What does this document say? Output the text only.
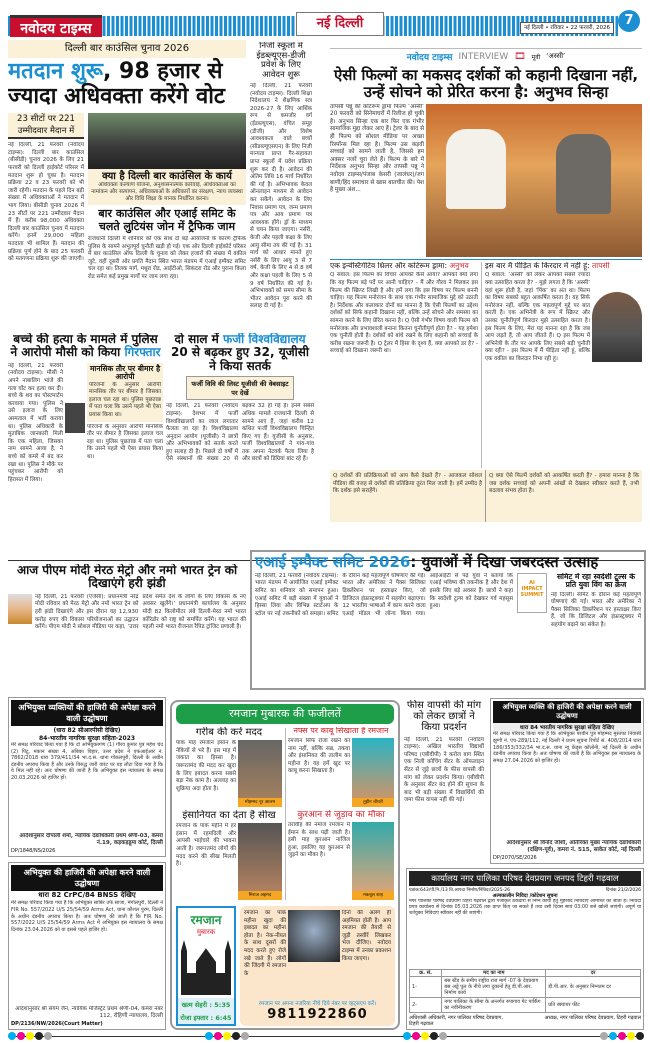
नवोदय टाइम्स	नई दिल्ली	नई दिल्ली • रविवार • 22 फरवरी, 2026	7
दिल्ली बार काउंसिल चुनाव 2026
मतदान शुरू, 98 हजार से ज्यादा अधिवक्ता करेंगे वोट
23 सीटों पर 221 उम्मीदवार मैदान में
नई दिल्ली, 21 फरवरी (नवोदय टाइम्स): दिल्ली बार काउंसिल (बीसीडी) चुनाव 2026 के लिए 21 फरवरी को दिल्ली हाईकोर्ट परिसर में मतदान शुरू हो चुका है। मतदान प्रक्रिया 22 व 23 फरवरी को भी जारी रहेगी। मतदान के पहले दिन बड़ी संख्या में अधिवक्ताओं ने मतदान में भाग लिया। बीसीडी चुनाव 2026 में 23 सीटों पर 221 उम्मीदवार मैदान में हैं। करीब 98,000 अधिवक्ता दिल्ली बार काउंसिल चुनाव में मतदान करेंगे। इनमें 29,000 महिला मतदाता भी शामिल हैं। मतदान की प्रक्रिया पूर्ण होने के बाद 25 फरवरी को मतगणना प्रक्रिया शुरू की जाएगी।
क्या है दिल्ली बार काउंसिल के कार्य
अधिवक्ता कल्याण योजना, अनुशासनात्मक कार्रवाई, अधिवक्ताओं का नामांकन और सत्यापन, अधिवक्ताओं के अधिकारों का संरक्षण, न्याय व्यवस्था और विधि शिक्षा के मानक निर्धारित करना।
बार काउंसिल और एआई समिट के चलते लुटियंस जोन में ट्रैफिक जाम
राजधानी दिल्ली में शनिवार को एक साथ दो बड़े आयोजनों के कारण ट्रैफिक पुलिस के सामने अभूतपूर्व चुनौती खड़ी हो गई। एक ओर दिल्ली हाईकोर्ट परिसर में बार काउंसिल ऑफ दिल्ली के चुनाव को लेकर हजारों की संख्या में वकील जुटे, वहीं दूसरी ओर प्रगति मैदान स्थित भारत मंडपम में एआई इम्पैक्ट समिट चल रहा था। तिलक मार्ग, मथुरा रोड, आईटीओ, सिकंदरा रोड और पुराना किला रोड समेत कई प्रमुख मार्गों पर जाम लगा रहा।
निजी स्कूलों में ईडब्ल्यूएस-डीजी प्रवेश के लिए आवेदन शुरू
नई दिल्ली, 21 फरवरी (नवोदय टाइम्स): दिल्ली शिक्षा निदेशालय ने शैक्षणिक सत्र 2026-27 के लिए आर्थिक रूप से कमजोर वर्ग (ईडब्ल्यूएस), वंचित समूह (डीजी) और विशेष आवश्यकता वाले बच्चों (सीडब्ल्यूएसएन) के लिए निजी मान्यता प्राप्त गैर-सहायता प्राप्त स्कूलों में प्रवेश प्रक्रिया शुरू कर दी है। आवेदन की अंतिम तिथि 16 मार्च निर्धारित की गई है। अभिभावक केवल ऑनलाइन माध्यम से आवेदन कर सकेंगे। आवेदन के लिए निवास प्रमाण पत्र, जन्म प्रमाण पत्र और आय प्रमाण पत्र आवश्यक होंगे। ड्रॉ के माध्यम से चयन किया जाएगा। नर्सरी, केजी और पहली कक्षा के लिए आयु सीमा तय की गई है। 31 मार्च को आधार मानते हुए नर्सरी के लिए आयु 3 से 7 वर्ष, केजी के लिए 4 से 8 वर्ष और कक्षा पहली के लिए 5 से 9 वर्ष निर्धारित की गई है। अभिभावकों को समय सीमा के भीतर आवेदन पूरा करने की सलाह दी गई है।
नवोदय टाइम्स INTERVIEW 🎞 मूवी ‘अस्सी’
ऐसी फिल्मों का मकसद दर्शकों को कहानी दिखाना नहीं, उन्हें सोचने को प्रेरित करना है: अनुभव सिन्हा
तापसी पन्नू की कोर्टरूम ड्रामा फिल्म ‘अस्सी’ 20 फरवरी को सिनेमाघरों में रिलीज हो चुकी है। अनुभव सिन्हा एक बार फिर एक गंभीर सामाजिक मुद्दा लेकर आए हैं। ट्रेलर के बाद से ही फिल्म को सोशल मीडिया पर अच्छा रिस्पॉन्स मिल रहा है। फिल्म उस कड़वी सच्चाई को सामने लाती है, जिससे हम अक्सर नजरें चुरा लेते हैं। फिल्म के बारे में निर्देशक अनुभव सिन्हा और तापसी पन्नू ने नवोदय टाइम्स/पंजाब केसरी (जालंधर)/जग बाणी/हिंद समाचार से खास बातचीत की। पेश है मुख्य अंश...
एक इन्वेस्टिगेटिव थ्रिलर और कोर्टरूम ड्रामा: अनुभव
Q सवाल: इस फिल्म का विचार आपको कैसे आया? आपको क्यों लगा कि यह फिल्म बड़े पर्दे पर आनी चाहिए? - मैं और गौरव ने मिलकर इस फिल्म की स्क्रिप्ट लिखी है और हमें लगा कि इस विषय पर फिल्म बननी चाहिए। यह फिल्म मनोरंजन के साथ एक गंभीर सामाजिक मुद्दे को उठाती है। निर्देशक और कलाकार दोनों का मानना है कि ऐसी फिल्मों का उद्देश्य दर्शकों को सिर्फ कहानी दिखाना नहीं, बल्कि उन्हें सोचने और समस्या का सामना करने के लिए प्रेरित करना है। Q ऐसी गंभीर विषय वाली फिल्म को मनोरंजक और प्रभावशाली बनाना कितना चुनौतीपूर्ण होता है? - यह हमेशा एक चुनौती होती है। दर्शकों को बांधे रखने के लिए कहानी को सच्चाई के करीब रखना जरूरी है। Q ट्रेलर में हिंसा के दृश्य हैं, क्या आपको डर है? - सच्चाई को दिखाना जरूरी था।
इस बार मैं पीड़ित के किरदार में नहीं हूं: तापसी
Q सवाल: ‘अस्सी’ को लेकर आपको सबसे ज्यादा क्या उत्साहित करता है? - मुझे लगता है कि ‘अस्सी’ वहां शुरू होती है, जहां ‘पिंक’ का अंत था। फिल्म का विषय सबको बहुत आकर्षित करता है। यह सिर्फ मनोरंजन नहीं, बल्कि एक महत्वपूर्ण मुद्दे पर बात करती है। एक अभिनेत्री के रूप में स्क्रिप्ट और उसका चुनौतीपूर्ण किरदार मुझे उत्साहित करता है। इस फिल्म के लिए, मेरा यह मानना रहा है कि जब आप लड़ते हैं, तो आप जीतते हैं। Q इस फिल्म में अभिनेत्री के तौर पर आपके लिए सबसे बड़ी चुनौती क्या रही? - इस फिल्म में मैं पीड़िता नहीं हूं, बल्कि एक वकील का किरदार निभा रही हूं।
Q दर्शकों की प्रतिक्रियाओं को आप कैसे देखते हैं? - आजकल सोशल मीडिया की वजह से दर्शकों की प्रतिक्रिया तुरंत मिल जाती है। हमें उम्मीद है कि दर्शक इसे सराहेंगे।
Q क्या ऐसे फिल्में दर्शकों को आकर्षित करती हैं? - हमारा मानना है कि जब दर्शक सच्चाई को अपनी आंखों से देखकर स्वीकार करते हैं, तभी बदलाव संभव होता है।
बच्चे की हत्या के मामले में पुलिस ने आरोपी मौसी को किया गिरफ्तार
नई दिल्ली, 21 फरवरी (नवोदय टाइम्स): मौसी ने अपने नाबालिग भांजे की गला घोंट कर हत्या कर दी। बच्चे के शव का पोस्टमार्टम करवाया गया। पुलिस ने उसे इलाज के लिए अस्पताल में भर्ती कराया था। पुलिस अधिकारी के मुताबिक जानकारी मिली कि एक महिला, जिसका नाम सामने आया है, ने बच्चे को कमरे में बंद कर रखा था। पुलिस ने मौके पर पहुंचकर आरोपी को हिरासत में लिया।
मानसिक तौर पर बीमार है आरोपी
परिजनों के अनुसार आरोपी मानसिक तौर पर बीमार है जिसका इलाज चल रहा था। पुलिस पूछताछ में पता चला कि उसने पहले भी ऐसा प्रयास किया था।
परिजनों के अनुसार आरोपी मानसिक तौर पर बीमार है जिसका इलाज चल रहा था। पुलिस पूछताछ में पता चला कि उसने पहले भी ऐसा प्रयास किया था।
दो साल में फर्जी विश्वविद्यालय 20 से बढ़कर हुए 32, यूजीसी ने किया सतर्क
फर्जी विवि की लिस्ट यूजीसी की वेबसाइट पर देखें
नई दिल्ली, 21 फरवरी (नवोदय टाइम्स): देशभर में फर्जी विश्वविद्यालयों का जाल लगातार फैलता जा रहा है। विश्वविद्यालय अनुदान आयोग (यूजीसी) ने छात्रों और अभिभावकों को सतर्क करते हुए सलाह दी है। पिछले दो वर्षों में ऐसे संस्थानों की संख्या 20 से बढ़कर 32 हो गई है। इनमें सबसे अधिक मामले राजधानी दिल्ली से सामने आए हैं, जहां करीब 12 कथित फर्जी विश्वविद्यालय चिन्हित किए गए हैं। यूजीसी के अनुसार, फर्जी विश्वविद्यालयों ने गांव-गांव तक अपना नेटवर्क फैला लिया है और छात्रों को डिग्रियां बांट रहे हैं।
आज पीएम मोदी मेरठ मेट्रो और नमो भारत ट्रेन को दिखाएंगे हरी झंडी
नई दिल्ली, 21 फरवरी (एजेंसी): प्रधानमंत्री नरेंद्र मोदी रविवार को मेरठ मेट्रो और नमो भारत ट्रेन को हरी झंडी दिखाएंगे और इस दौरान वह 12,930 करोड़ रुपए की विकास परियोजनाओं का उद्घाटन करेंगे। पीएम मोदी ने सोशल मीडिया पर कहा, ‘उत्तर प्रदेश समेत देश के लोगों के लिए विकास के नए अवसर खुलेंगे।’ प्रधानमंत्री कार्यालय के अनुसार मोदी 82 किलोमीटर लंबे दिल्ली-मेरठ नमो भारत कॉरिडोर को राष्ट्र को समर्पित करेंगे। यह भारत की पहली नमो भारत रीजनल रैपिड ट्रांजिट प्रणाली है।
एआई इम्पैक्ट समिट 2026: युवाओं में दिखा जबरदस्त उत्साह
नई दिल्ली, 21 फरवरी (नवोदय टाइम्स): भारत मंडपम में आयोजित एआई इम्पैक्ट समिट का शनिवार को समापन हुआ। एआई समिट में बड़ी संख्या में युवाओं ने हिस्सा लिया और विभिन्न स्टार्टअप के स्टॉल पर नई तकनीकों को समझा। समिट के दौरान कई महत्वपूर्ण घोषणाएं की गईं। भारत और अमेरिका ने पैक्स सिलिका डिक्लेरेशन पर हस्ताक्षर किए, जो डिजिटल इंफ्रास्ट्रक्चर में सहयोग बढ़ाएगा। 12 भारतीय भाषाओं में काम करने वाला एआई मॉडल भी लॉन्च किया गया। आईआईटी से पढ़े युवा ने बताया कि एआई भविष्य की तकनीक है और देश में इसके लिए बड़े अवसर हैं। छात्रों ने कहा कि स्वदेशी टूल्स को देखकर गर्व महसूस हुआ।
AI IMPACT SUMMIT
समिट में रहा स्वदेशी टूल्स के प्रति युवा विंग का क्रेज
नई दिल्ली। समिट के दौरान कई महत्वपूर्ण घोषणाएं की गईं। भारत और अमेरिका ने पैक्स सिलिका डिक्लेरेशन पर हस्ताक्षर किए हैं, जो कि डिजिटल और इंफ्रास्ट्रक्चर में सहयोग बढ़ाने का संकेत है।
अभियुक्त व्यक्तियों की हाजिरी की अपेक्षा करने वाली उद्घोषणा
(धारा 82 सीआरपीसी देखिए)
84-भारतीय नागरिक सुरक्षा संहिता-2023
मेरे समक्ष परिवाद किया गया है कि दो अभियुक्तगण (1) गौरव कुमार पुत्र महेश चंद (2) पिंटू, मकान संख्या 4, अंबिका विहार, उत्तर प्रदेश ने एफआईआर नं. 7862/2018 धारा 379/411/34 भा.द.स. थाना गोकलपुरी, दिल्ली के अधीन दंडनीय अपराध किया है और उनके विरुद्ध जारी वारंट पर यह लौटा दिया गया है कि वे मिल नहीं रहे। अतः घोषणा की जाती है कि अभियुक्त इस न्यायालय के समक्ष 20.03.2026 को हाजिर हों।
आदेशानुसार दीपाली शर्मा, न्यायिक दंडाधिकारी प्रथम श्रेणी-03, कमरा नं.19, कड़कड़डूमा कोर्ट, दिल्ली
DP/1848/NS/2026
अभियुक्त की हाजिरी की अपेक्षा करने वाली उद्घोषणा
धारा 82 CrPC/84 BNSS देखिए
मेरे समक्ष परिवाद किया गया है कि अभियुक्त साबिर उर्फ साजा, मंगोलपुरी, दिल्ली ने FIR No. 557/2022 U/S 25/54/59 Arms Act, थाना कौशल पुरम, दिल्ली के अधीन दंडनीय अपराध किया है। अतः घोषणा की जाती है कि FIR No. 557/2022 U/S 25/54/59 Arms Act में अभियुक्त इस न्यायालय के समक्ष दिनांक 23.04.2026 को या इससे पहले हाजिर हो।
आदेशानुसार श्री संयम जैन, न्यायिक मजिस्ट्रेट प्रथम श्रेणी-04, कमरा नंबर 112, रोहिणी न्यायालय, दिल्ली
DP/2136/NW/2026(Court Matter)
रमजान मुबारक की फजीलतें
गरीब की करें मदद
पाक माह रमजान इंसान के नेकियों से भरे हैं। इस माह में जकात का हिस्सा है। जरूरतमंद की मदद कर खुदा के लिए इबादत करना सबसे बड़ा नेक काम है। अल्लाह का शुक्रिया अदा होता है।
मोहम्मद नूर आलम
नफ्स पर काबू सिखाता है रमजान
रमजान सिर्फ रोजा रखने का नाम नहीं, बल्कि सब्र, तकवा और इंसानियत की तालीम का महीना है। यह हमें खुद पर काबू करना सिखाता है।
तुहीन चौधरी
इंसानियत का देता है सीख
रमजान के पाक महीने में हर इंसान में रहमदिली और आपसी भाईचारे की भावना आती है। जरूरतमंद लोगों की मदद करने की सीख मिलती है।
मिराज अहमद
कुरआन से जुड़ाव का मौका
तरावीह की नमाज रमजान में ईमान के साथ पढ़ी जाती है। इसी माह कुरआन नाजिल हुआ, इसलिए यह कुरआन से जुड़ने का मौका है।
मकबूल शाह
रमजान
मुबारक
खत्म सेहरी : 5:35
रोजा इफ्तार : 6:45
रमजान का पाक महीना खुदा की इबादत का महीना होता है। नेक-नीयत के साथ दूसरों की मदद करते हुए रोजे रखे जाते हैं। लोगों की जिंदगी में रमजान के
दिनों की अलग ही अहमियत होती है। आप रमजान की तैयारी से जुड़ी तस्वीरें लिखकर भेज दीजिए। नवोदय टाइम्स में उनका प्रकाशन किया जाएगा।
रमजान पर अपना नजरिया नीचे दिये नंबर पर व्हट्सएप करें।
9811922860
फीस वापसी की मांग को लेकर छात्रों ने किया प्रदर्शन
नई दिल्ली, 21 फरवरी (नवोदय टाइम्स): अखिल भारतीय विद्यार्थी परिषद (एबीवीपी) ने करोल बाग स्थित एक निजी कोचिंग सेंटर के ऑफलाइन सेंटर से जुड़े छात्रों के फीस वापसी की मांग को लेकर प्रदर्शन किया। एबीवीपी के अनुसार सेंटर बंद होने की सूचना के बाद भी बड़ी संख्या में विद्यार्थियों की जमा फीस वापस नहीं की गई।
अभियुक्त व्यक्ति की हाजिरी की अपेक्षा करने वाली उद्घोषणा
धारा 84 भारतीय नागरिक सुरक्षा संहिता देखिए
मेरे समक्ष परिवाद किया गया है कि अभियुक्त परवीन पुत्र मोहम्मद मुस्तफा निवासी झुग्गी नं. एच-289/112, नई दिल्ली ने प्रथम सूचना रिपोर्ट सं. 408/2014 धारा 186/353/332/34 भा.द.स. थाना न्यू फ्रेंड्स कॉलोनी, नई दिल्ली के अधीन दंडनीय अपराध किया है। अतः घोषणा की जाती है कि अभियुक्त इस न्यायालय के समक्ष 27.04.2026 को हाजिर हो।
आदेशानुसार श्री विनोद जोशी, अतिरिक्त मुख्य न्यायिक दंडाधिकारी (दक्षिण-पूर्व), कमरा नं. 515, साकेत कोर्ट, नई दिल्ली
DP/2070/SE/2026
कार्यालय नगर पालिका परिषद देवप्रयाग जनपद टिहरी गढ़वाल
पत्रांक:643/पी.नि./13 वि.आपदा निर्माण/निविदा/2025-26	दिनांक 21/2/2026
अल्पकालीन निविदा /कोटेशन सूचना
नगर पालिका परिषद देवप्रयाग टिहरी गढ़वाल द्वारा पंजीकृत ठेकेदारों से निम्न कार्यों हेतु मुहरबंद निविदाएं आमंत्रित की जाती हैं। निविदा प्रपत्र कार्यालय से दिनांक 05.03.2026 तक प्राप्त किए जा सकते हैं तथा उसी दिवस सायं 03:00 बजे खोली जाएंगी। अपूर्ण या शर्तयुक्त निविदाएं स्वीकार नहीं की जाएंगी।
क्र. सं.	मद का नाम	दर
1-	बस स्टैंड के समीप राष्ट्रीय राज मार्ग -07 के देवप्रयाग बस अड्डे पुल के नीचे लगा दुकानों हेतु डी.पी.आर. निर्माण कार्य	डी.पी.आर. के अनुसार निम्नतम दर
2-	नगर पालिका के सीमा के अन्तर्गत रुपागाव गेट पार्किंग का नवीनीकरण	प्रति स्क्वायर फीट
अधिशासी अधिकारी, नगर पालिका परिषद देवप्रयाग, टिहरी गढ़वाल
अध्यक्ष, नगर पालिका परिषद देवप्रयाग, टिहरी गढ़वाल
